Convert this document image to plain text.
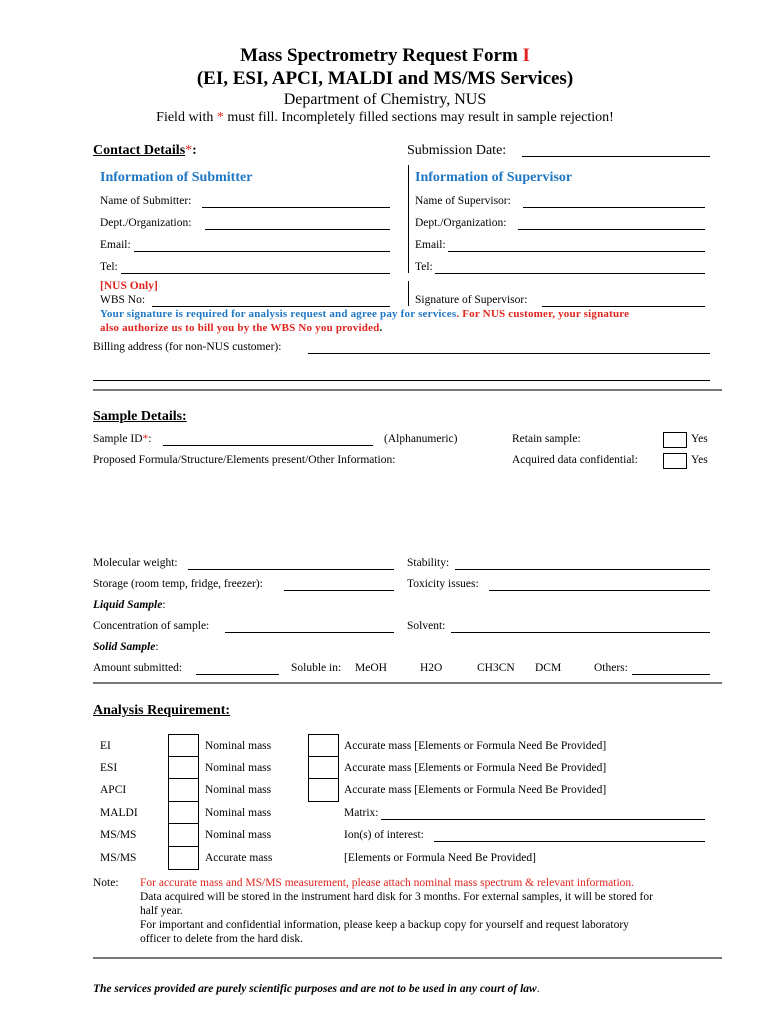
Mass Spectrometry Request Form I
(EI, ESI, APCI, MALDI and MS/MS Services)
Department of Chemistry, NUS
Field with * must fill. Incompletely filled sections may result in sample rejection!
Contact Details*:	Submission Date:
Information of Submitter	Information of Supervisor
Name of Submitter:
Dept./Organization:
Email:
Tel:
Name of Supervisor:
Dept./Organization:
Email:
Tel:
[NUS Only]
WBS No:	Signature of Supervisor:
Your signature is required for analysis request and agree pay for services. For NUS customer, your signature
also authorize us to bill you by the WBS No you provided.
Billing address (for non-NUS customer):
Sample Details:
Sample ID*:	(Alphanumeric)	Retain sample:	Yes
Proposed Formula/Structure/Elements present/Other Information:	Acquired data confidential:	Yes
Molecular weight:	Stability:
Storage (room temp, fridge, freezer):	Toxicity issues:
Liquid Sample:
Concentration of sample:	Solvent:
Solid Sample:
Amount submitted:	Soluble in: MeOH	H2O	CH3CN DCM	Others:
Analysis Requirement:
EI	Nominal mass	Accurate mass [Elements or Formula Need Be Provided]
ESI	Nominal mass	Accurate mass [Elements or Formula Need Be Provided]
APCI	Nominal mass	Accurate mass [Elements or Formula Need Be Provided]
MALDI	Nominal mass	Matrix:
MS/MS	Nominal mass	Ion(s) of interest:
MS/MS	Accurate mass	[Elements or Formula Need Be Provided]
Note: For accurate mass and MS/MS measurement, please attach nominal mass spectrum & relevant information.
Data acquired will be stored in the instrument hard disk for 3 months. For external samples, it will be stored for
half year.
For important and confidential information, please keep a backup copy for yourself and request laboratory
officer to delete from the hard disk.
The services provided are purely scientific purposes and are not to be used in any court of law.
